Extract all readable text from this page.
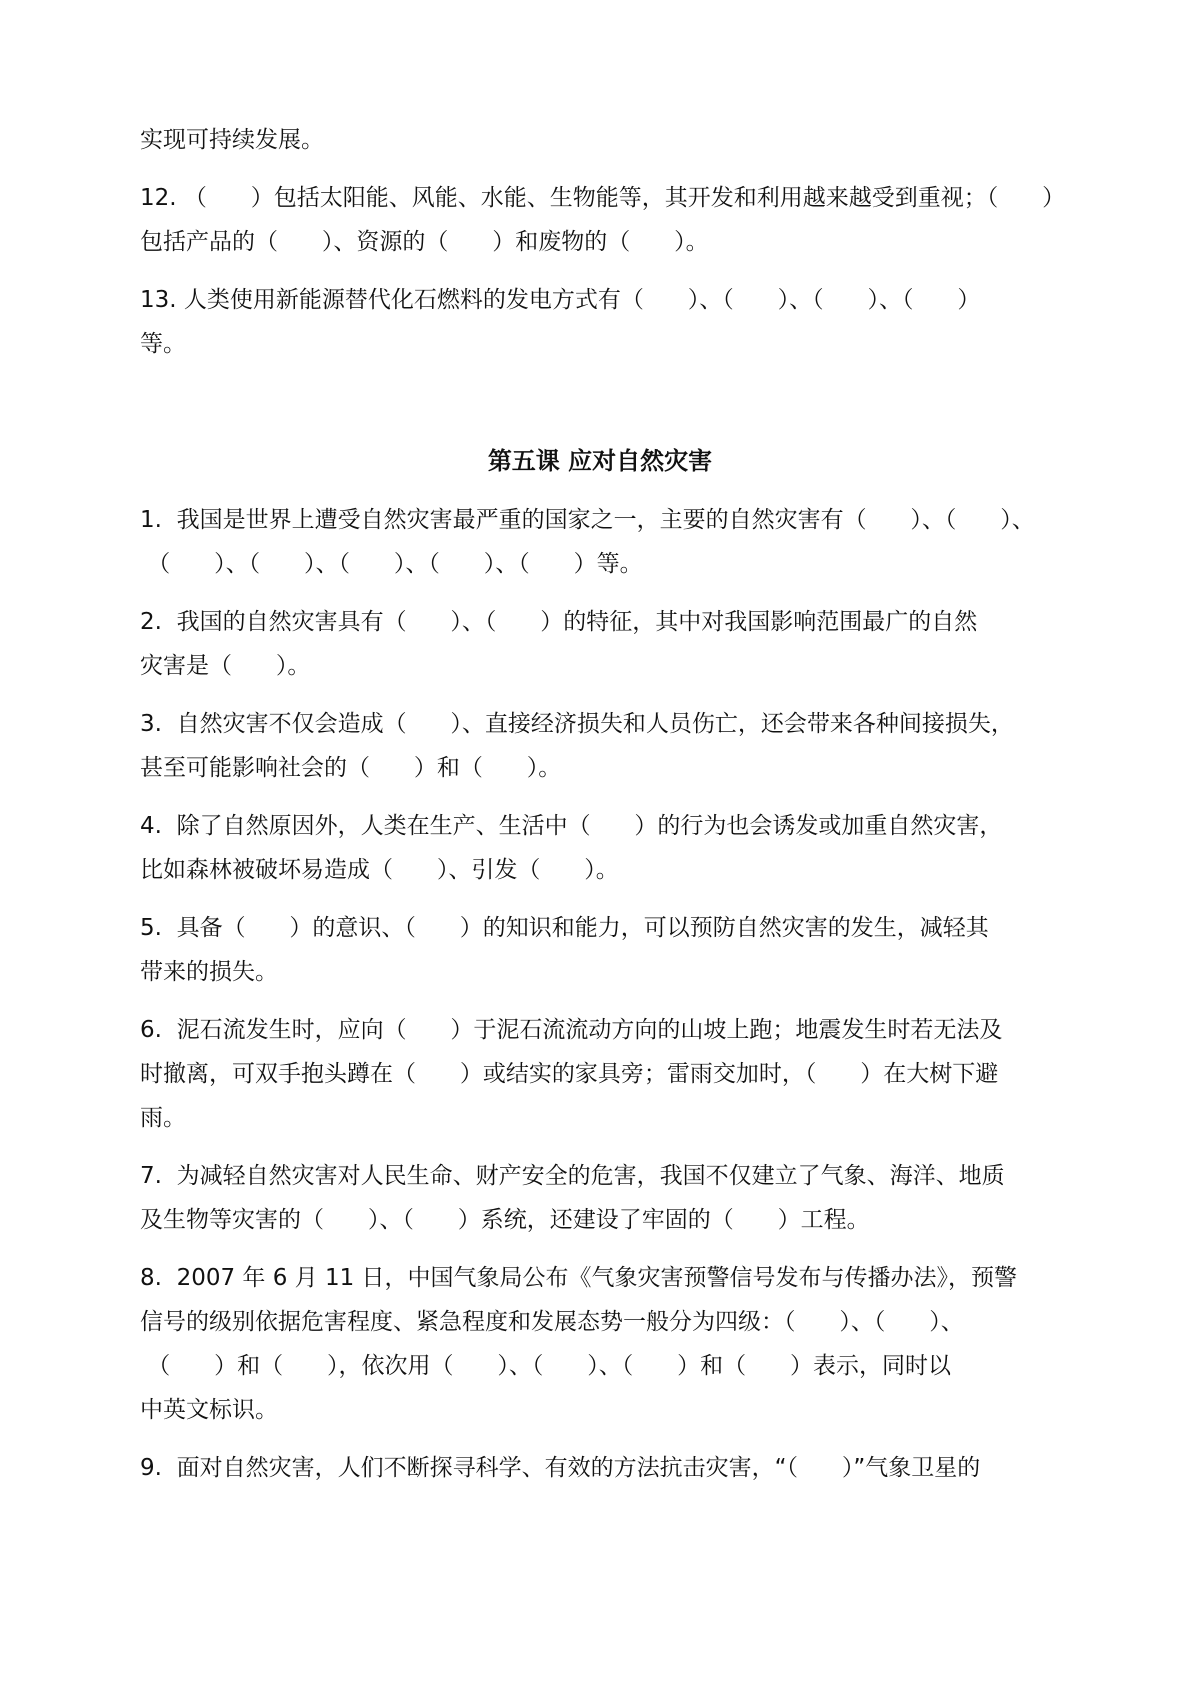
实现可持续发展。
12. （      ）包括太阳能、风能、水能、生物能等，其开发和利用越来越受到重视；（      ）
包括产品的（      ）、资源的（      ）和废物的（      ）。
13. 人类使用新能源替代化石燃料的发电方式有（      ）、（      ）、（      ）、（      ）
等。
第五课 应对自然灾害
1.  我国是世界上遭受自然灾害最严重的国家之一，主要的自然灾害有（      ）、（      ）、
（      ）、（      ）、（      ）、（      ）、（      ）等。
2.  我国的自然灾害具有（      ）、（      ）的特征，其中对我国影响范围最广的自然
灾害是（      ）。
3.  自然灾害不仅会造成（      ）、直接经济损失和人员伤亡，还会带来各种间接损失，
甚至可能影响社会的（      ）和（      ）。
4.  除了自然原因外，人类在生产、生活中（      ）的行为也会诱发或加重自然灾害，
比如森林被破坏易造成（      ）、引发（      ）。
5.  具备（      ）的意识、（      ）的知识和能力，可以预防自然灾害的发生，减轻其
带来的损失。
6.  泥石流发生时，应向（      ）于泥石流流动方向的山坡上跑；地震发生时若无法及
时撤离，可双手抱头蹲在（      ）或结实的家具旁；雷雨交加时，（      ）在大树下避
雨。
7.  为减轻自然灾害对人民生命、财产安全的危害，我国不仅建立了气象、海洋、地质
及生物等灾害的（      ）、（      ）系统，还建设了牢固的（      ）工程。
8.  2007 年 6 月 11 日，中国气象局公布《气象灾害预警信号发布与传播办法》，预警
信号的级别依据危害程度、紧急程度和发展态势一般分为四级：（      ）、（      ）、
（      ）和（      ），依次用（      ）、（      ）、（      ）和（      ）表示，同时以
中英文标识。
9.  面对自然灾害，人们不断探寻科学、有效的方法抗击灾害，“（      ）”气象卫星的
